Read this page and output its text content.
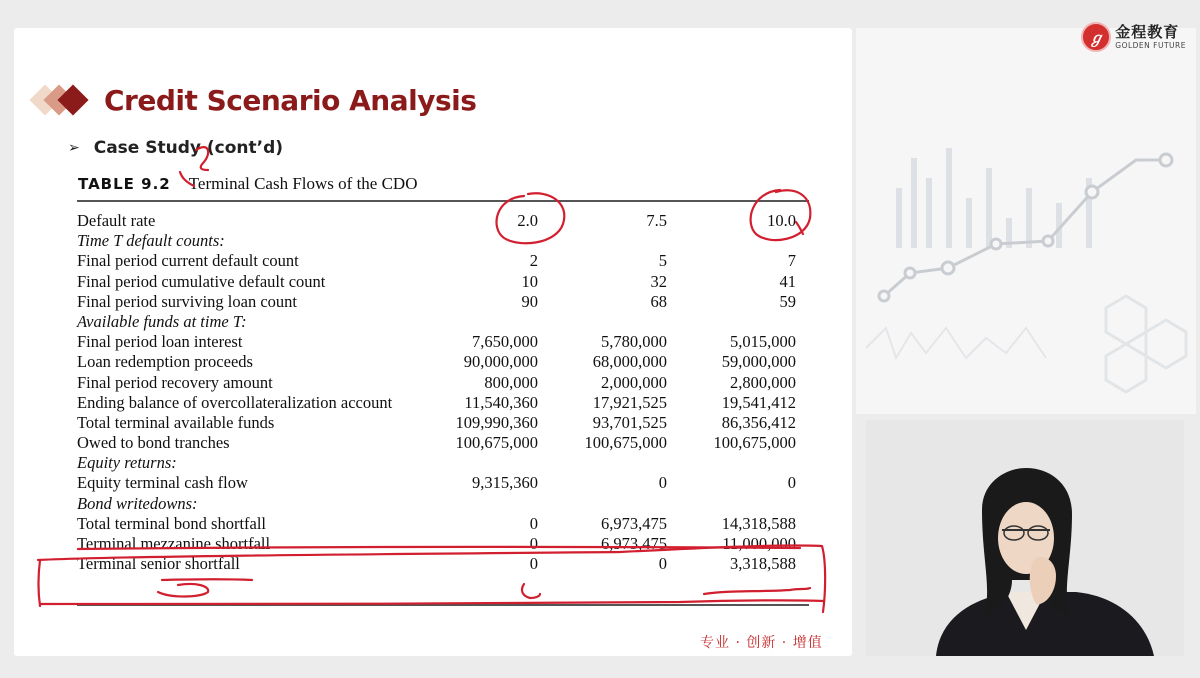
ℊ 金程教育
GOLDEN FUTURE
Credit Scenario Analysis
➢ Case Study (cont’d)
TABLE 9.2 Terminal Cash Flows of the CDO
Default rate	2.0	7.5	10.0
Time T default counts:			
Final period current default count	2	5	7
Final period cumulative default count	10	32	41
Final period surviving loan count	90	68	59
Available funds at time T:			
Final period loan interest	7,650,000	5,780,000	5,015,000
Loan redemption proceeds	90,000,000	68,000,000	59,000,000
Final period recovery amount	800,000	2,000,000	2,800,000
Ending balance of overcollateralization account	11,540,360	17,921,525	19,541,412
Total terminal available funds	109,990,360	93,701,525	86,356,412
Owed to bond tranches	100,675,000	100,675,000	100,675,000
Equity returns:			
Equity terminal cash flow	9,315,360	0	0
Bond writedowns:			
Total terminal bond shortfall	0	6,973,475	14,318,588
Terminal mezzanine shortfall	0	6,973,475	11,000,000
Terminal senior shortfall	0	0	3,318,588
专业 · 创新 · 增值
